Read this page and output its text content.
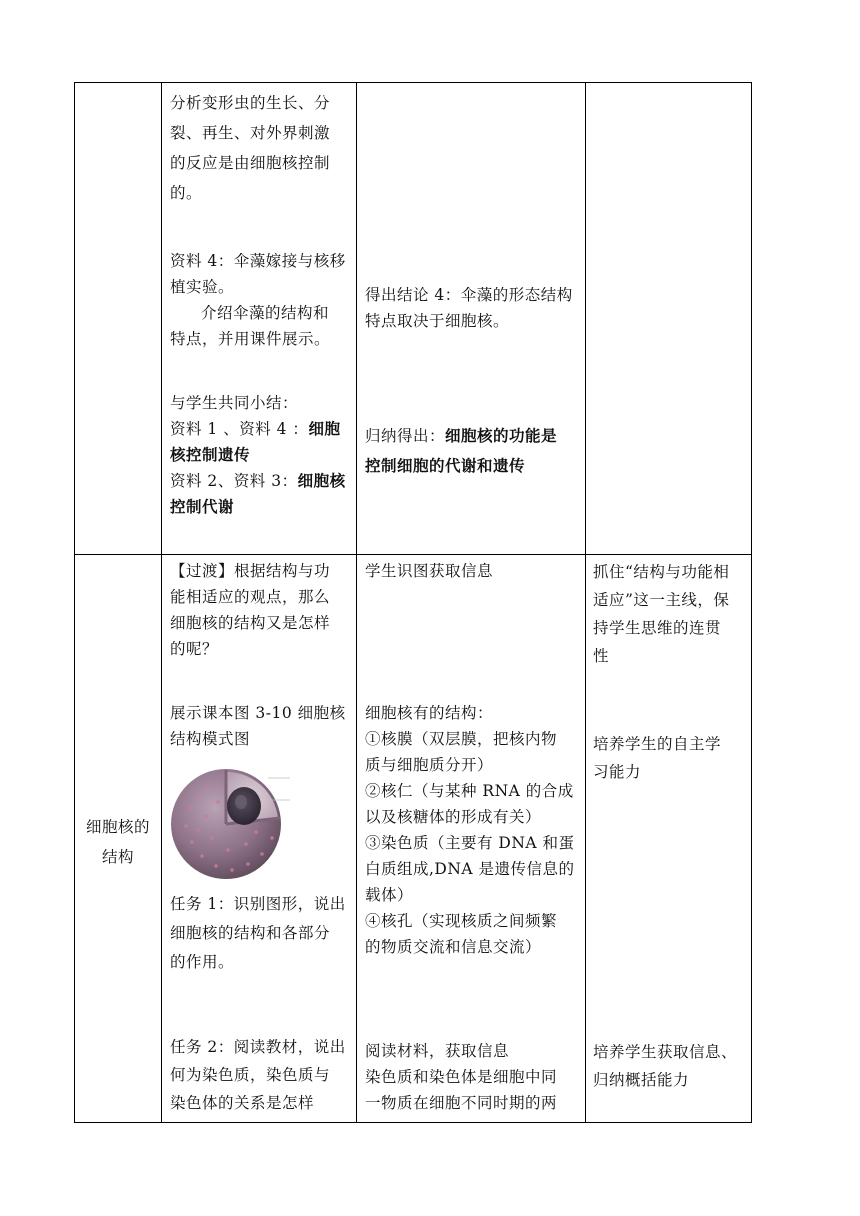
分析变形虫的生长、分

裂、再生、对外界刺激

的反应是由细胞核控制

的。

资料 4：伞藻嫁接与核移

植实验。

介绍伞藻的结构和

特点，并用课件展示。

与学生共同小结：

资料 1 、资料 4 ：细胞

核控制遗传

资料 2、资料 3：细胞核

控制代谢

得出结论 4：伞藻的形态结构

特点取决于细胞核。

归纳得出：细胞核的功能是

控制细胞的代谢和遗传

细胞核的

结构

【过渡】根据结构与功

能相适应的观点，那么

细胞核的结构又是怎样

的呢？

展示课本图 3-10 细胞核

结构模式图

任务 1：识别图形，说出

细胞核的结构和各部分

的作用。

任务 2：阅读教材，说出

何为染色质，染色质与

染色体的关系是怎样

学生识图获取信息

细胞核有的结构：

①核膜（双层膜，把核内物

质与细胞质分开）

②核仁（与某种 RNA 的合成

以及核糖体的形成有关）

③染色质（主要有 DNA 和蛋

白质组成,DNA 是遗传信息的

载体）

④核孔（实现核质之间频繁

的物质交流和信息交流）

阅读材料，获取信息

染色质和染色体是细胞中同

一物质在细胞不同时期的两

抓住“结构与功能相

适应”这一主线，保

持学生思维的连贯

性

培养学生的自主学

习能力

培养学生获取信息、

归纳概括能力
